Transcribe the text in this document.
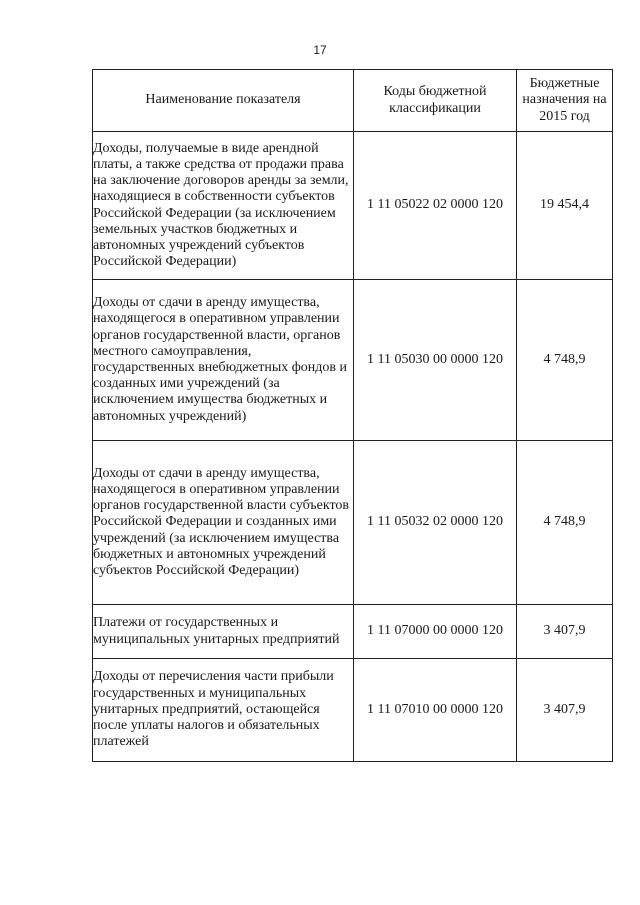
17
Наименование показателя	Коды бюджетной классификации	Бюджетные назначения на 2015 год
Доходы, получаемые в виде арендной платы, а также средства от продажи права на заключение договоров аренды за земли, находящиеся в собственности субъектов Российской Федерации (за исключением земельных участков бюджетных и автономных учреждений субъектов Российской Федерации)	1 11 05022 02 0000 120	19 454,4
Доходы от сдачи в аренду имущества, находящегося в оперативном управлении органов государственной власти, органов местного самоуправления, государственных внебюджетных фондов и созданных ими учреждений (за исключением имущества бюджетных и автономных учреждений)	1 11 05030 00 0000 120	4 748,9
Доходы от сдачи в аренду имущества, находящегося в оперативном управлении органов государственной власти субъектов Российской Федерации и созданных ими учреждений (за исключением имущества бюджетных и автономных учреждений субъектов Российской Федерации)	1 11 05032 02 0000 120	4 748,9
Платежи от государственных и муниципальных унитарных предприятий	1 11 07000 00 0000 120	3 407,9
Доходы от перечисления части прибыли государственных и муниципальных унитарных предприятий, остающейся после уплаты налогов и обязательных платежей	1 11 07010 00 0000 120	3 407,9
